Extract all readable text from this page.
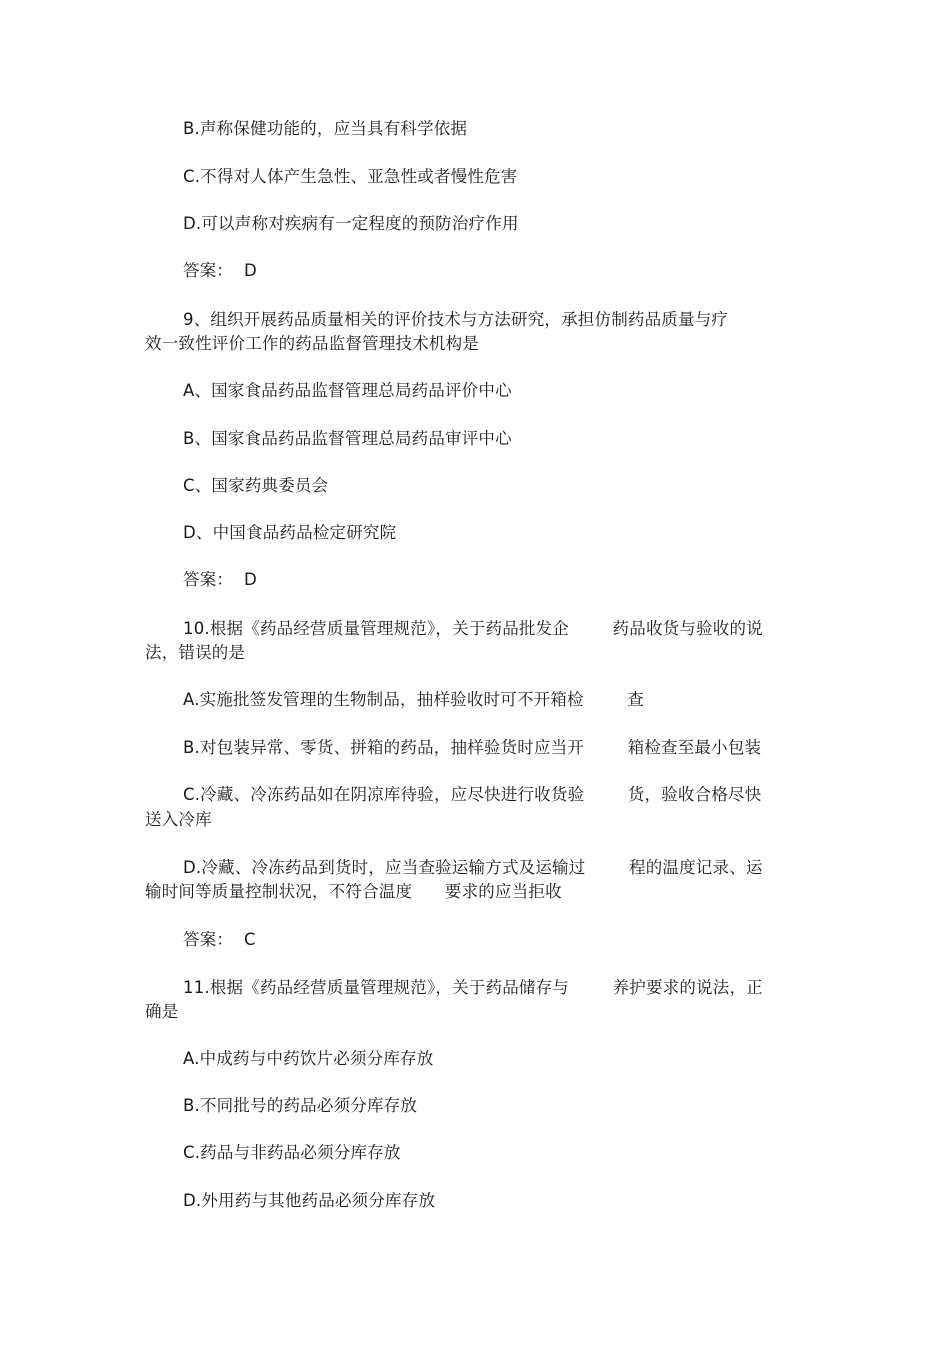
B.声称保健功能的，应当具有科学依据
C.不得对人体产生急性、亚急性或者慢性危害
D.可以声称对疾病有一定程度的预防治疗作用
答案：  D
9、组织开展药品质量相关的评价技术与方法研究，承担仿制药品质量与疗
效一致性评价工作的药品监督管理技术机构是
A、国家食品药品监督管理总局药品评价中心
B、国家食品药品监督管理总局药品审评中心
C、国家药典委员会
D、中国食品药品检定研究院
答案：  D
10.根据《药品经营质量管理规范》，关于药品批发企        药品收货与验收的说
法，错误的是
A.实施批签发管理的生物制品，抽样验收时可不开箱检        查
B.对包装异常、零货、拼箱的药品，抽样验货时应当开        箱检查至最小包装
C.冷藏、冷冻药品如在阴凉库待验，应尽快进行收货验        货，验收合格尽快
送入冷库
D.冷藏、冷冻药品到货时，应当查验运输方式及运输过        程的温度记录、运
输时间等质量控制状况，不符合温度      要求的应当拒收
答案：  C
11.根据《药品经营质量管理规范》，关于药品储存与        养护要求的说法，正
确是
A.中成药与中药饮片必须分库存放
B.不同批号的药品必须分库存放
C.药品与非药品必须分库存放
D.外用药与其他药品必须分库存放
